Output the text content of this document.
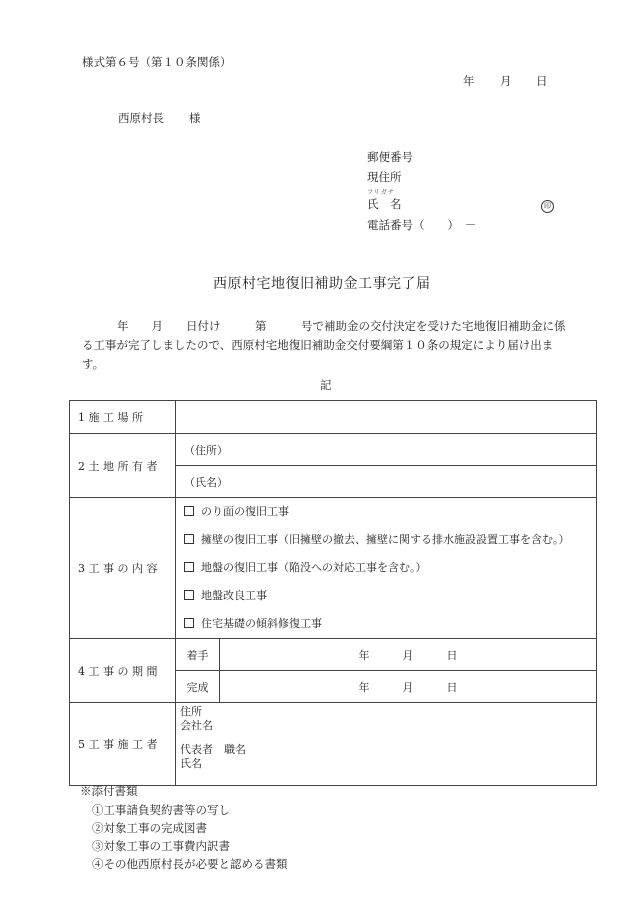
様式第６号（第１０条関係）
年 月 日
西原村長 様
郵便番号
現住所
フリガナ
氏　名	印
電話番号（　　）　－
西原村宅地復旧補助金工事完了届
年　　月　　日付け　　　第　　　号で補助金の交付決定を受けた宅地復旧補助金に係
る工事が完了しましたので、西原村宅地復旧補助金交付要綱第１０条の規定により届け出ま
す。
記
1 施 工 場 所		
2 土 地 所 有 者	（住所）	
	（氏名）	
3 工 事 の 内 容	のり面の復旧工事
擁壁の復旧工事（旧擁壁の撤去、擁壁に関する排水施設設置工事を含む。）
地盤の復旧工事（陥没への対応工事を含む。）
地盤改良工事
住宅基礎の傾斜修復工事	

4 工 事 の 期 間	着手	年　　　月　　　日
	完成	年　　　月　　　日
5 工 事 施 工 者	住所
会社名
代表者　職名
氏名	
※添付書類
①工事請負契約書等の写し
②対象工事の完成図書
③対象工事の工事費内訳書
④その他西原村長が必要と認める書類
